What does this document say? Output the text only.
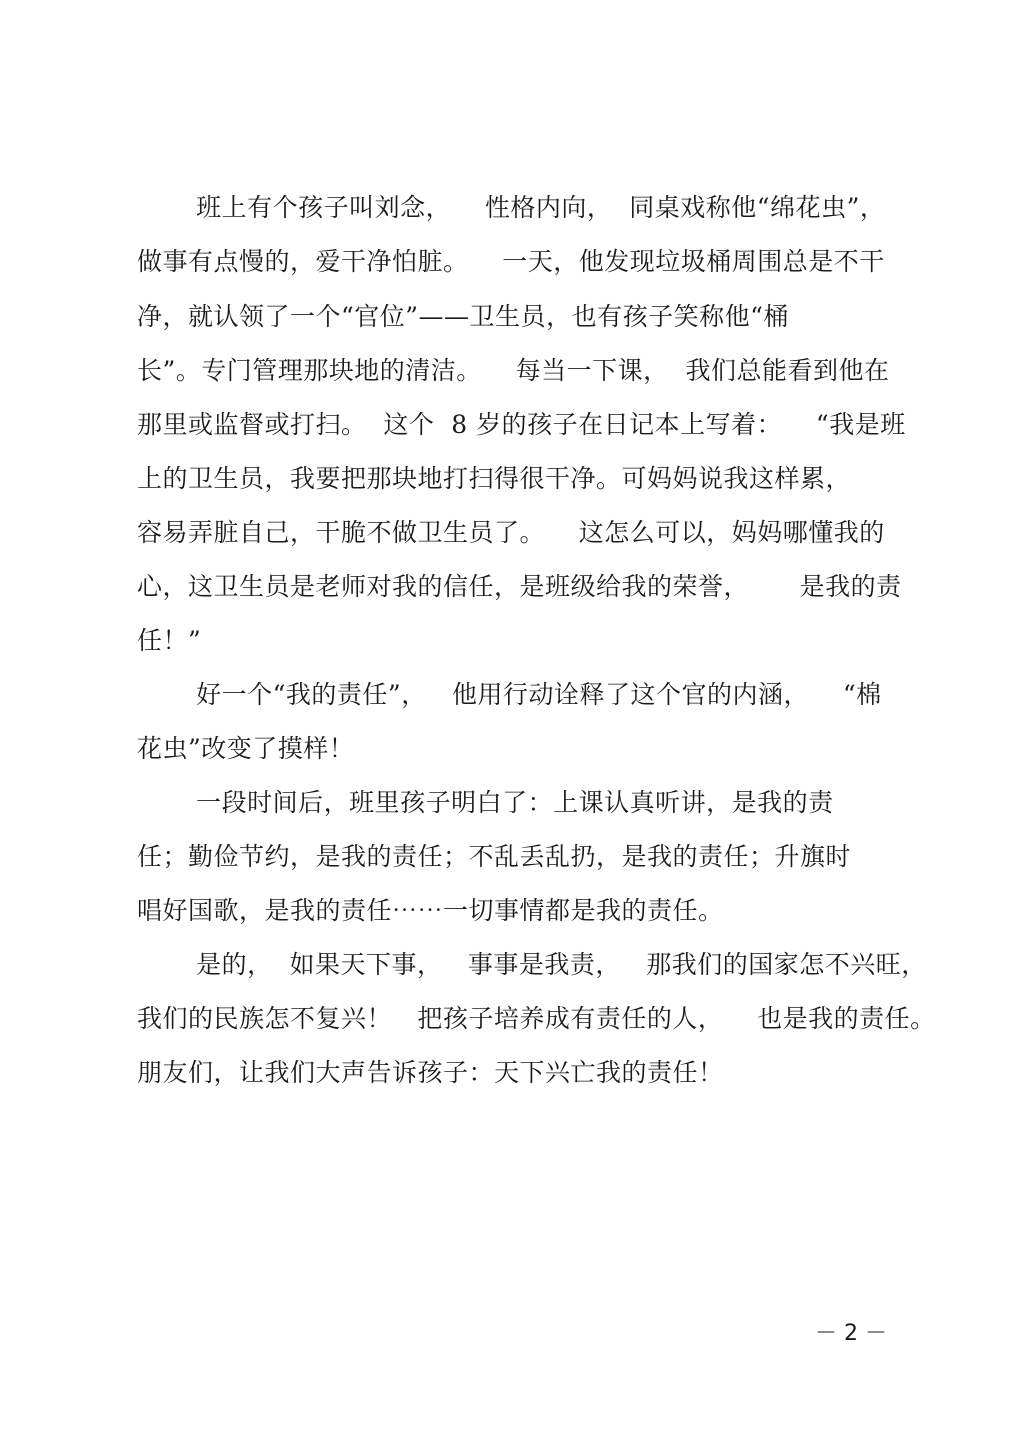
班上有个孩子叫刘念，    性格内向，  同桌戏称他“绵花虫”，
做事有点慢的，爱干净怕脏。    一天，他发现垃圾桶周围总是不干
净，就认领了一个“官位”——卫生员，也有孩子笑称他“桶
长”。专门管理那块地的清洁。    每当一下课，  我们总能看到他在
那里或监督或打扫。  这个  8 岁的孩子在日记本上写着：    “我是班
上的卫生员，我要把那块地打扫得很干净。可妈妈说我这样累，
容易弄脏自己，干脆不做卫生员了。    这怎么可以，妈妈哪懂我的
心，这卫生员是老师对我的信任，是班级给我的荣誉，      是我的责
任！”
好一个“我的责任”，   他用行动诠释了这个官的内涵，    “棉
花虫”改变了摸样！
一段时间后，班里孩子明白了：上课认真听讲，是我的责
任；勤俭节约，是我的责任；不乱丢乱扔，是我的责任；升旗时
唱好国歌，是我的责任⋯⋯一切事情都是我的责任。
是的，  如果天下事，   事事是我责，   那我们的国家怎不兴旺，
我们的民族怎不复兴！   把孩子培养成有责任的人，    也是我的责任。
朋友们，让我们大声告诉孩子：天下兴亡我的责任！
－ 2 －
